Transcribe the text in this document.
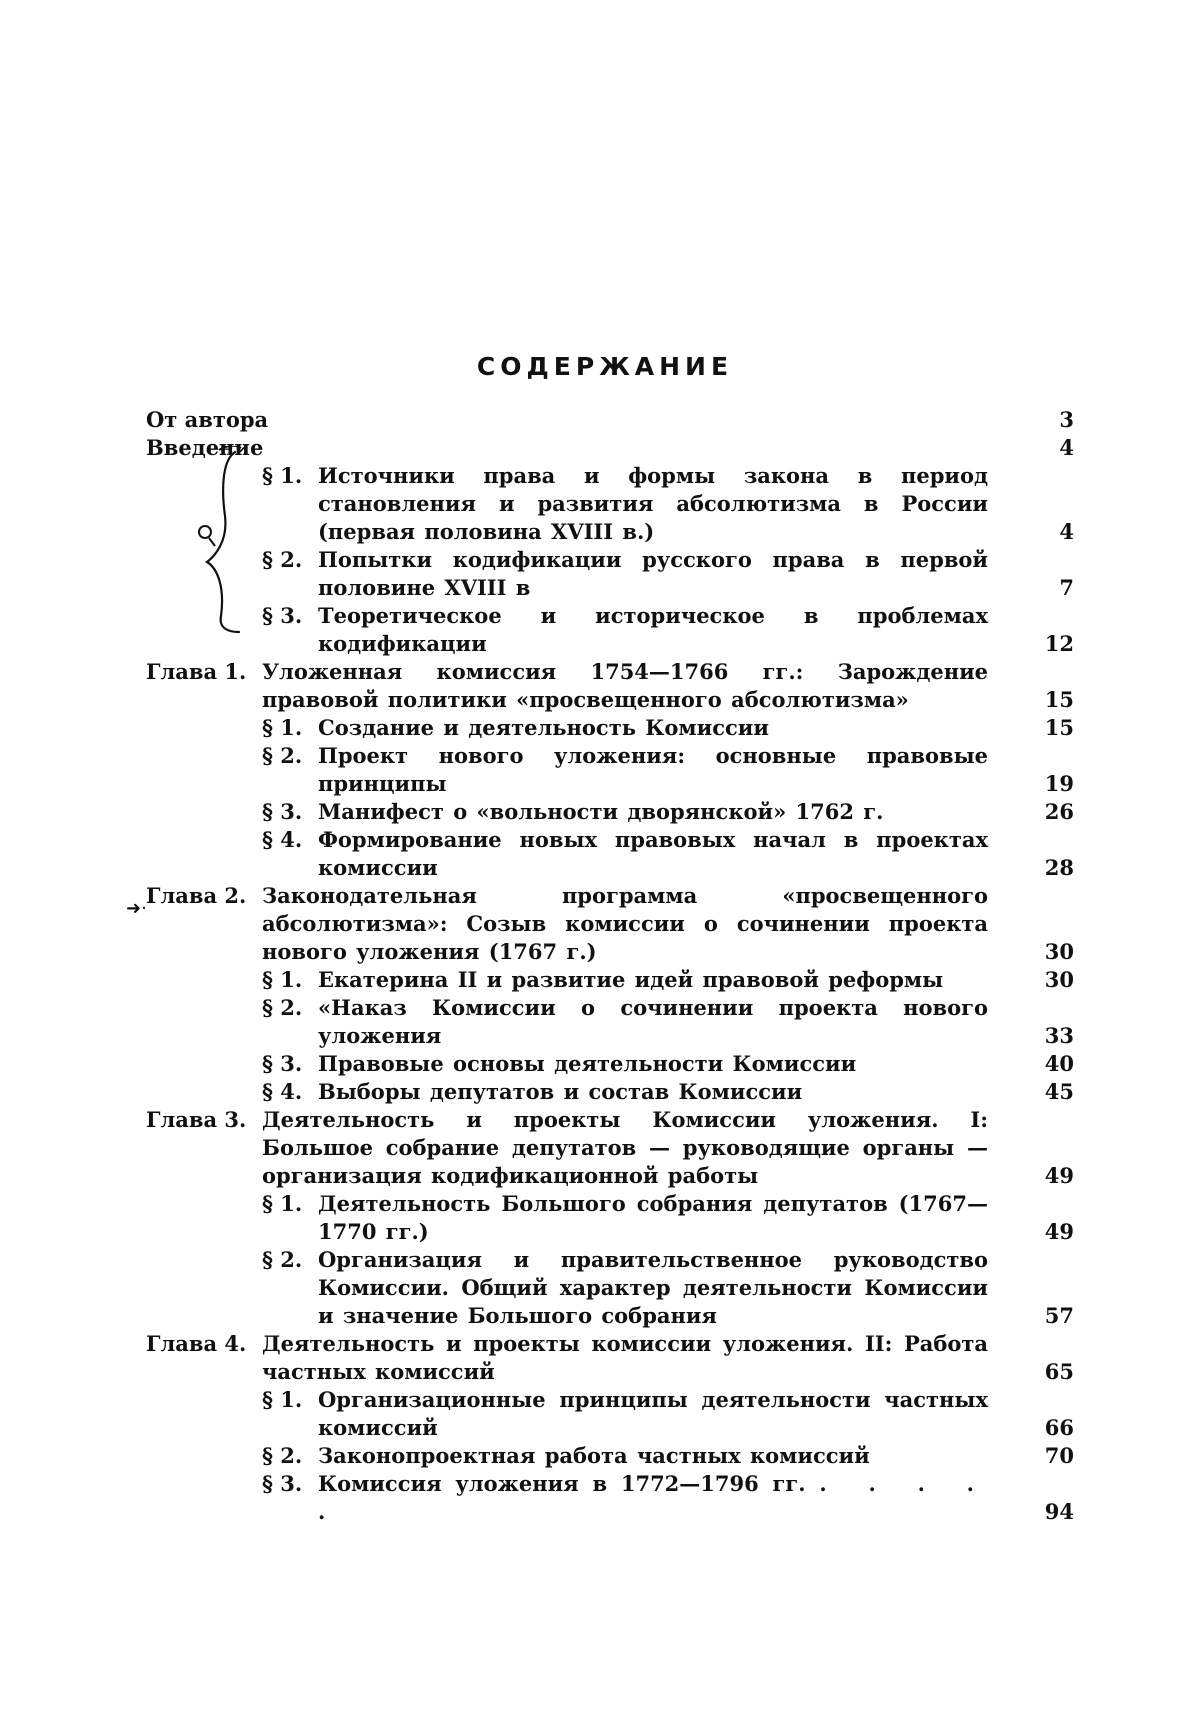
СОДЕРЖАНИЕ
➜·
От автора	3
Введение	4
§ 1. Источники права и формы закона в период становления и развития абсолютизма в России (первая половина XVIII в.)	4
§ 2. Попытки кодификации русского права в первой половине XVIII в	7
§ 3. Теоретическое и историческое в проблемах кодификации	12
Глава 1. Уложенная комиссия 1754—1766 гг.: Зарождение правовой политики «просвещенного абсолютизма»	15
§ 1. Создание и деятельность Комиссии	15
§ 2. Проект нового уложения: основные правовые принципы	19
§ 3. Манифест о «вольности дворянской» 1762 г.	26
§ 4. Формирование новых правовых начал в проектах комиссии	28
Глава 2. Законодательная программа «просвещенного абсолютизма»: Созыв комиссии о сочинении проекта нового уложения (1767 г.)	30
§ 1. Екатерина II и развитие идей правовой реформы	30
§ 2. «Наказ Комиссии о сочинении проекта нового уложения	33
§ 3. Правовые основы деятельности Комиссии	40
§ 4. Выборы депутатов и состав Комиссии	45
Глава 3. Деятельность и проекты Комиссии уложения. I: Большое собрание депутатов — руководящие органы — организация кодификационной работы	49
§ 1. Деятельность Большого собрания депутатов (1767—1770 гг.)	49
§ 2. Организация и правительственное руководство Комиссии. Общий характер деятельности Комиссии и значение Большого собрания	57
Глава 4. Деятельность и проекты комиссии уложения. II: Работа частных комиссий	65
§ 1. Организационные принципы деятельности частных комиссий	66
§ 2. Законопроектная работа частных комиссий	70
§ 3. Комиссия уложения в 1772—1796 гг. . . . . .	94
